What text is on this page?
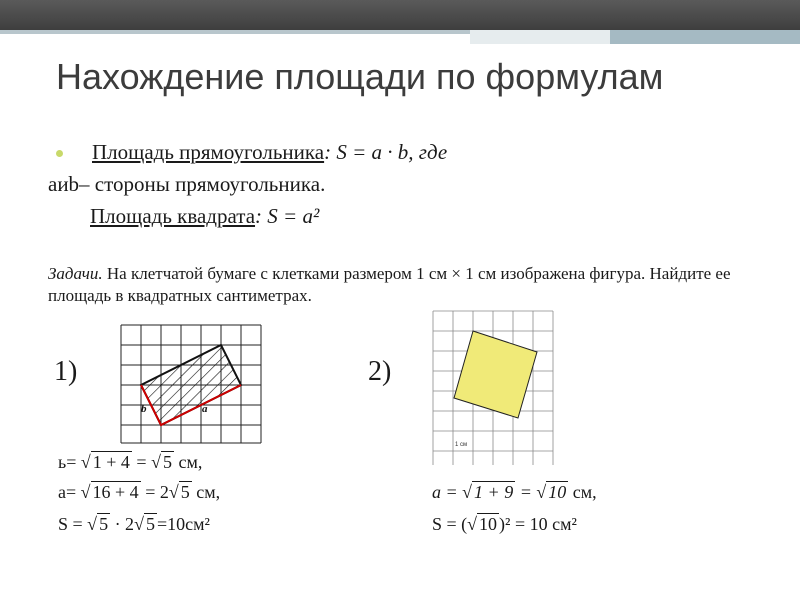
Нахождение площади по формулам
Площадь прямоугольника: S = a · b, где
aиb– стороны прямоугольника.
Площадь квадрата: S = a²
Задачи. На клетчатой бумаге с клетками размером 1 см × 1 см изображена фигура. Найдите ее площадь в квадратных сантиметрах.
1)	2)
b	a
1 см
ь= √ 1 + 4 = √ 5 см,
а= √ 16 + 4 = 2√ 5 см,
S = √ 5 · 2√ 5 =10см²
a = √ 1 + 9 = √ 10 см,
S = (√ 10 )² = 10 см²
